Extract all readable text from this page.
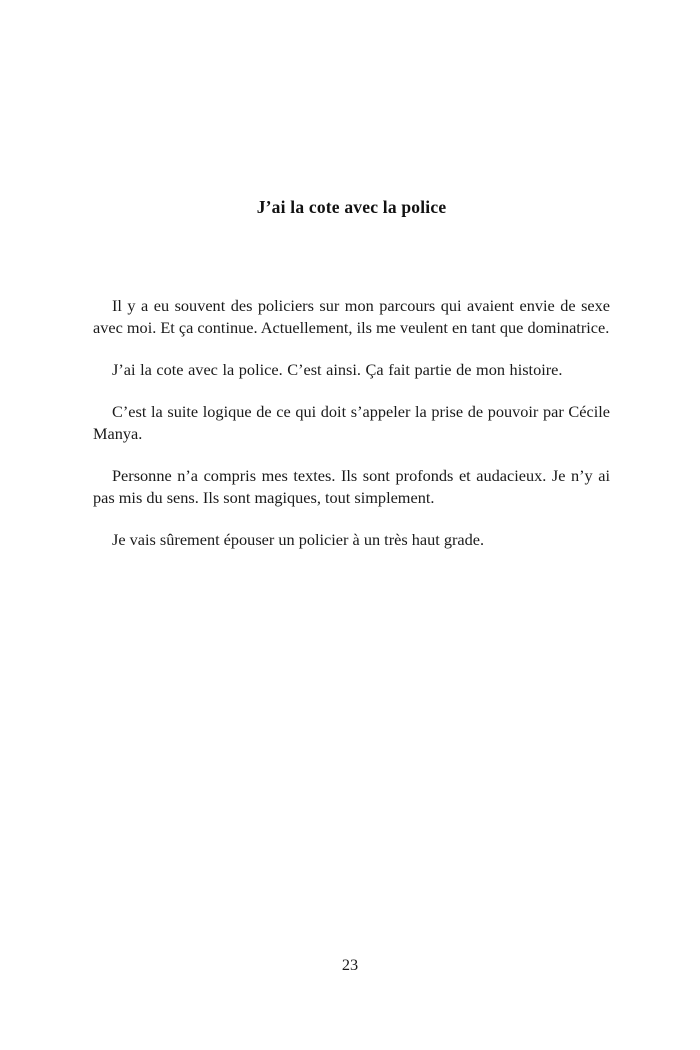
J’ai la cote avec la police

Il y a eu souvent des policiers sur mon parcours qui avaient envie de sexe avec moi. Et ça continue. Actuellement, ils me veulent en tant que dominatrice.

J’ai la cote avec la police. C’est ainsi. Ça fait partie de mon histoire.

C’est la suite logique de ce qui doit s’appeler la prise de pouvoir par Cécile Manya.

Personne n’a compris mes textes. Ils sont profonds et audacieux. Je n’y ai pas mis du sens. Ils sont magiques, tout simplement.

Je vais sûrement épouser un policier à un très haut grade.

23
